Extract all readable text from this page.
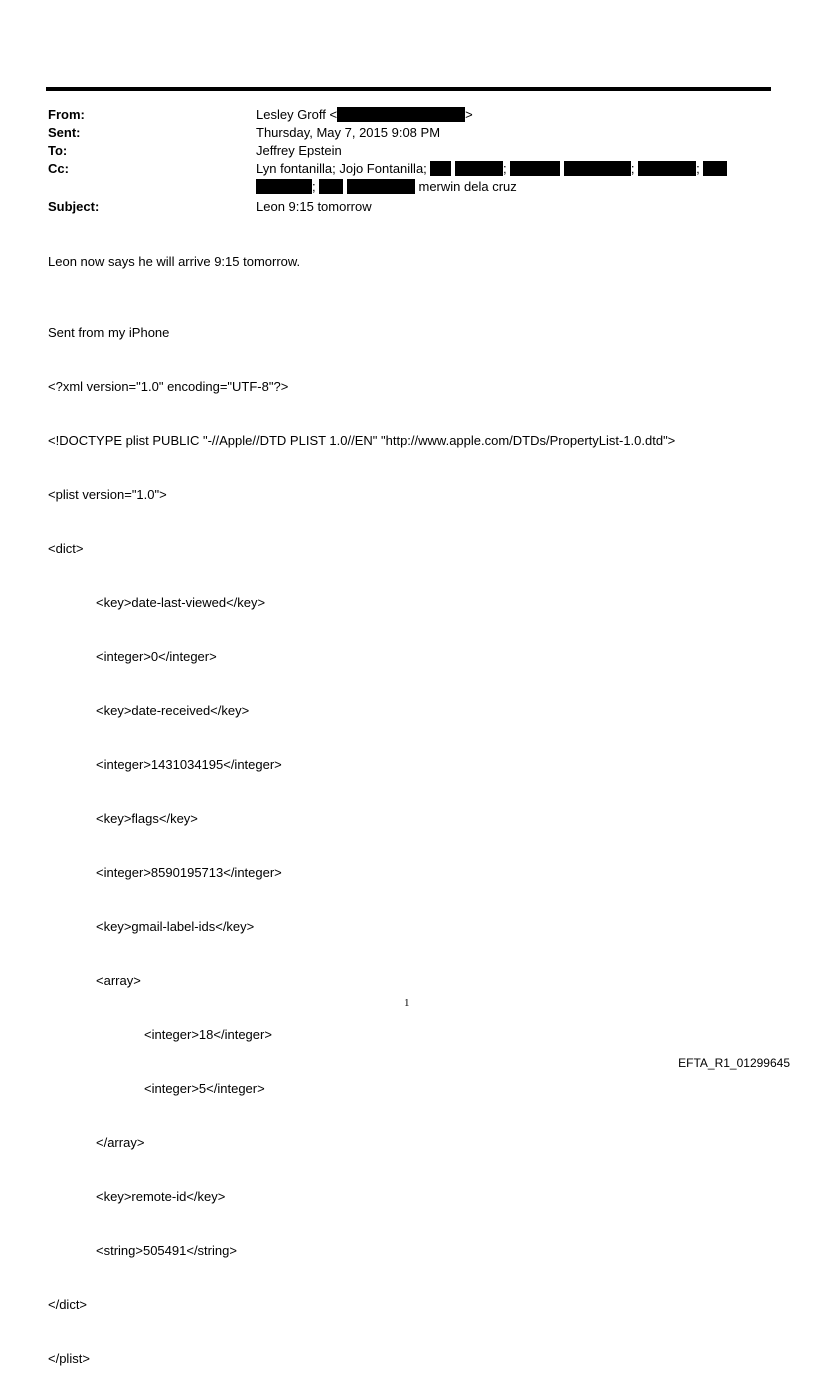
From:	Lesley Groff <	>
Sent:	Thursday, May 7, 2015 9:08 PM
To:	Jeffrey Epstein
Cc:	Lyn fontanilla; Jojo Fontanilla;	;	;	;
;	merwin dela cruz
Subject:	Leon 9:15 tomorrow
Leon now says he will arrive 9:15 tomorrow.

Sent from my iPhone

<?xml version="1.0" encoding="UTF-8"?>

<!DOCTYPE plist PUBLIC "-//Apple//DTD PLIST 1.0//EN" "http://www.apple.com/DTDs/PropertyList-1.0.dtd">

<plist version="1.0">

<dict>

<key>date-last-viewed</key>

<integer>0</integer>

<key>date-received</key>

<integer>1431034195</integer>

<key>flags</key>

<integer>8590195713</integer>

<key>gmail-label-ids</key>

<array>

<integer>18</integer>

<integer>5</integer>

</array>

<key>remote-id</key>

<string>505491</string>

</dict>

</plist>

1
EFTA_R1_01299645
